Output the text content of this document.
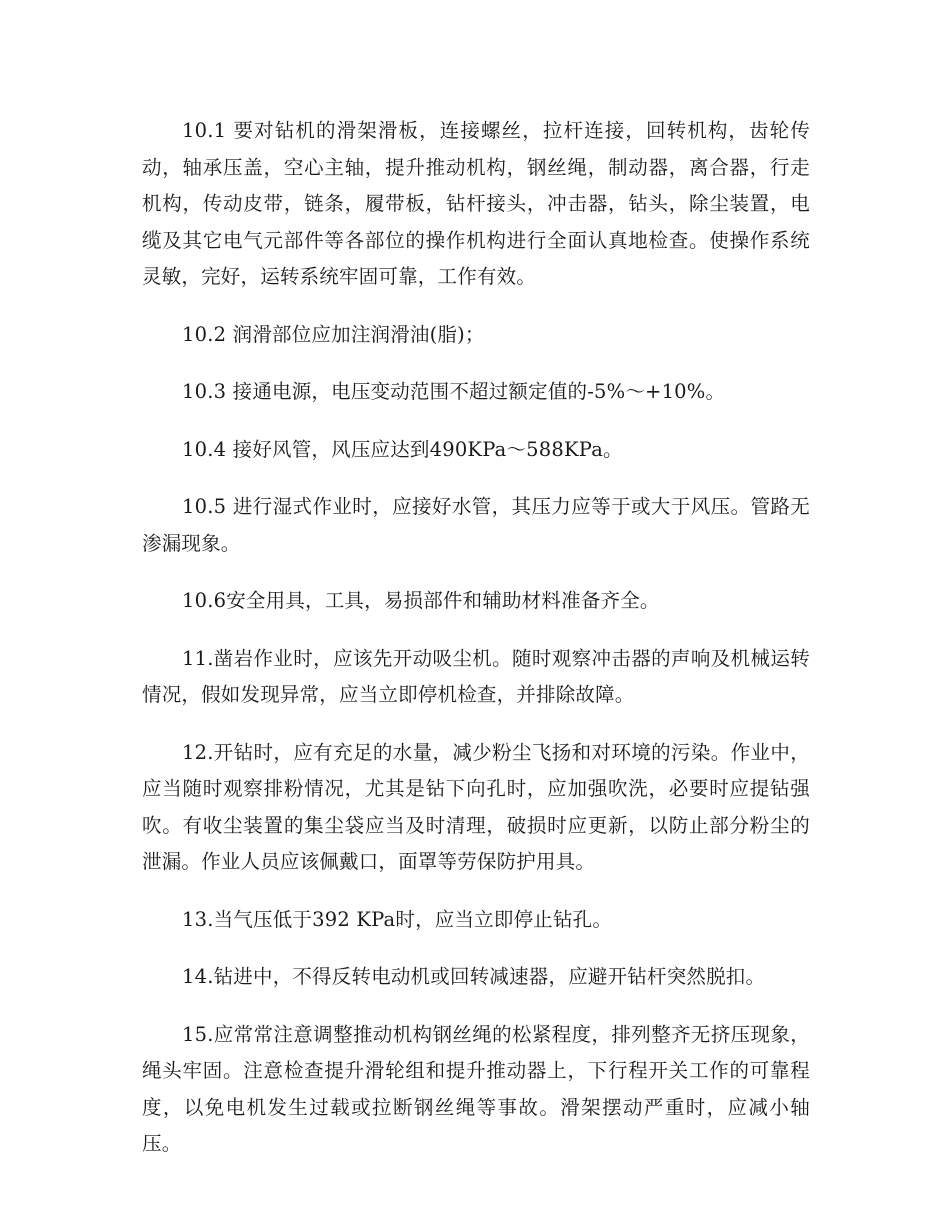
10.1 要对钻机的滑架滑板，连接螺丝，拉杆连接，回转机构，齿轮传动，轴承压盖，空心主轴，提升推动机构，钢丝绳，制动器，离合器，行走机构，传动皮带，链条，履带板，钻杆接头，冲击器，钻头，除尘装置，电缆及其它电气元部件等各部位的操作机构进行全面认真地检查。使操作系统灵敏，完好，运转系统牢固可靠，工作有效。

10.2 润滑部位应加注润滑油(脂)；

10.3 接通电源，电压变动范围不超过额定值的-5%～+10%。

10.4 接好风管，风压应达到490KPa～588KPa。

10.5 进行湿式作业时，应接好水管，其压力应等于或大于风压。管路无渗漏现象。

10.6安全用具，工具，易损部件和辅助材料准备齐全。

11.凿岩作业时，应该先开动吸尘机。随时观察冲击器的声响及机械运转情况，假如发现异常，应当立即停机检查，并排除故障。

12.开钻时，应有充足的水量，减少粉尘飞扬和对环境的污染。作业中，应当随时观察排粉情况，尤其是钻下向孔时，应加强吹洗，必要时应提钻强吹。有收尘装置的集尘袋应当及时清理，破损时应更新，以防止部分粉尘的泄漏。作业人员应该佩戴口，面罩等劳保防护用具。

13.当气压低于392 KPa时，应当立即停止钻孔。

14.钻进中，不得反转电动机或回转减速器，应避开钻杆突然脱扣。

15.应常常注意调整推动机构钢丝绳的松紧程度，排列整齐无挤压现象，绳头牢固。注意检查提升滑轮组和提升推动器上，下行程开关工作的可靠程度，以免电机发生过载或拉断钢丝绳等事故。滑架摆动严重时，应减小轴压。
